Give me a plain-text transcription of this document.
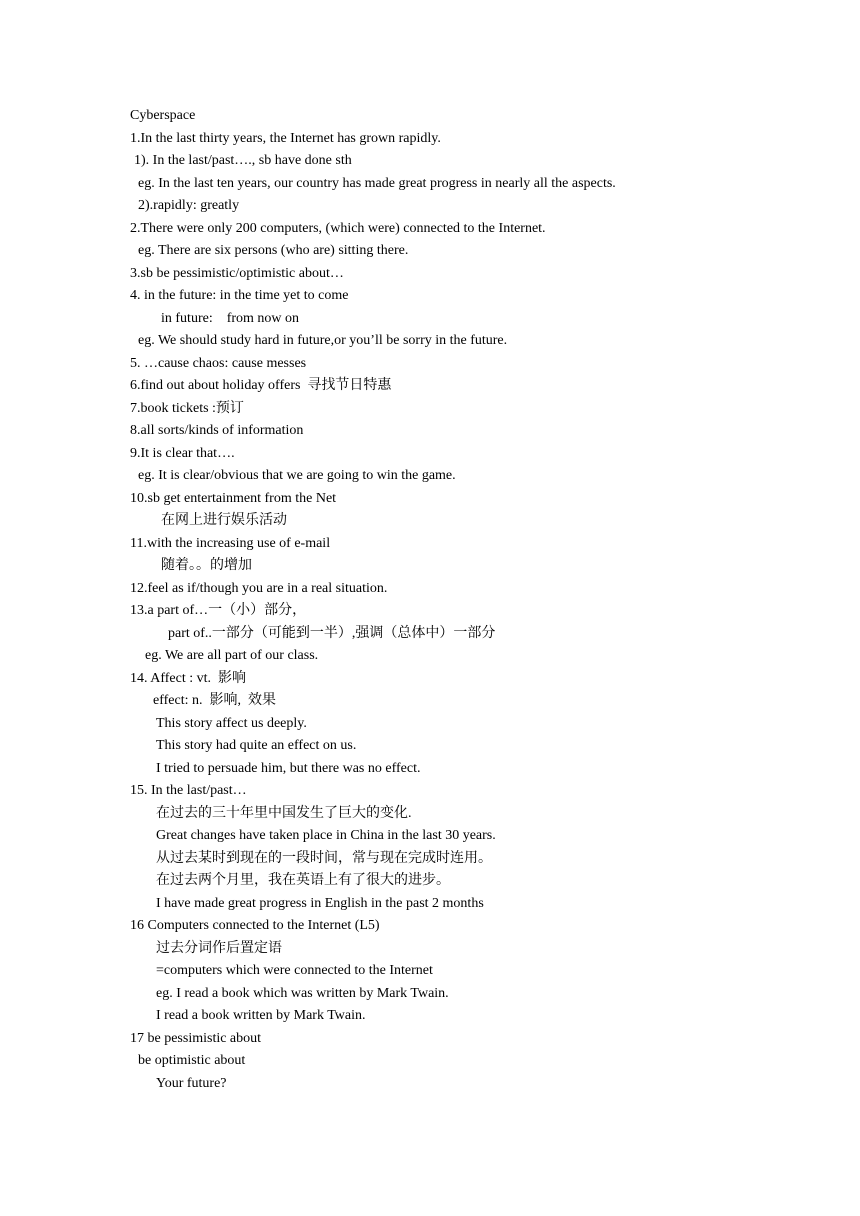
Cyberspace
1.In the last thirty years, the Internet has grown rapidly.
1). In the last/past…., sb have done sth
eg. In the last ten years, our country has made great progress in nearly all the aspects.
2).rapidly: greatly
2.There were only 200 computers, (which were) connected to the Internet.
eg. There are six persons (who are) sitting there.
3.sb be pessimistic/optimistic about…
4. in the future: in the time yet to come
in future:    from now on
eg. We should study hard in future,or you’ll be sorry in the future.
5. …cause chaos: cause messes
6.find out about holiday offers  寻找节日特惠
7.book tickets :预订
8.all sorts/kinds of information
9.It is clear that….
eg. It is clear/obvious that we are going to win the game.
10.sb get entertainment from the Net
在网上进行娱乐活动
11.with the increasing use of e-mail
随着。。的增加
12.feel as if/though you are in a real situation.
13.a part of…一（小）部分，
part of..一部分（可能到一半）,强调（总体中）一部分
eg. We are all part of our class.
14. Affect : vt.  影响
effect: n.  影响,  效果
This story affect us deeply.
This story had quite an effect on us.
I tried to persuade him, but there was no effect.
15. In the last/past…
在过去的三十年里中国发生了巨大的变化.
Great changes have taken place in China in the last 30 years.
从过去某时到现在的一段时间，常与现在完成时连用。
在过去两个月里，我在英语上有了很大的进步。
I have made great progress in English in the past 2 months
16 Computers connected to the Internet (L5)
过去分词作后置定语
=computers which were connected to the Internet
eg. I read a book which was written by Mark Twain.
I read a book written by Mark Twain.
17 be pessimistic about
be optimistic about
Your future?
